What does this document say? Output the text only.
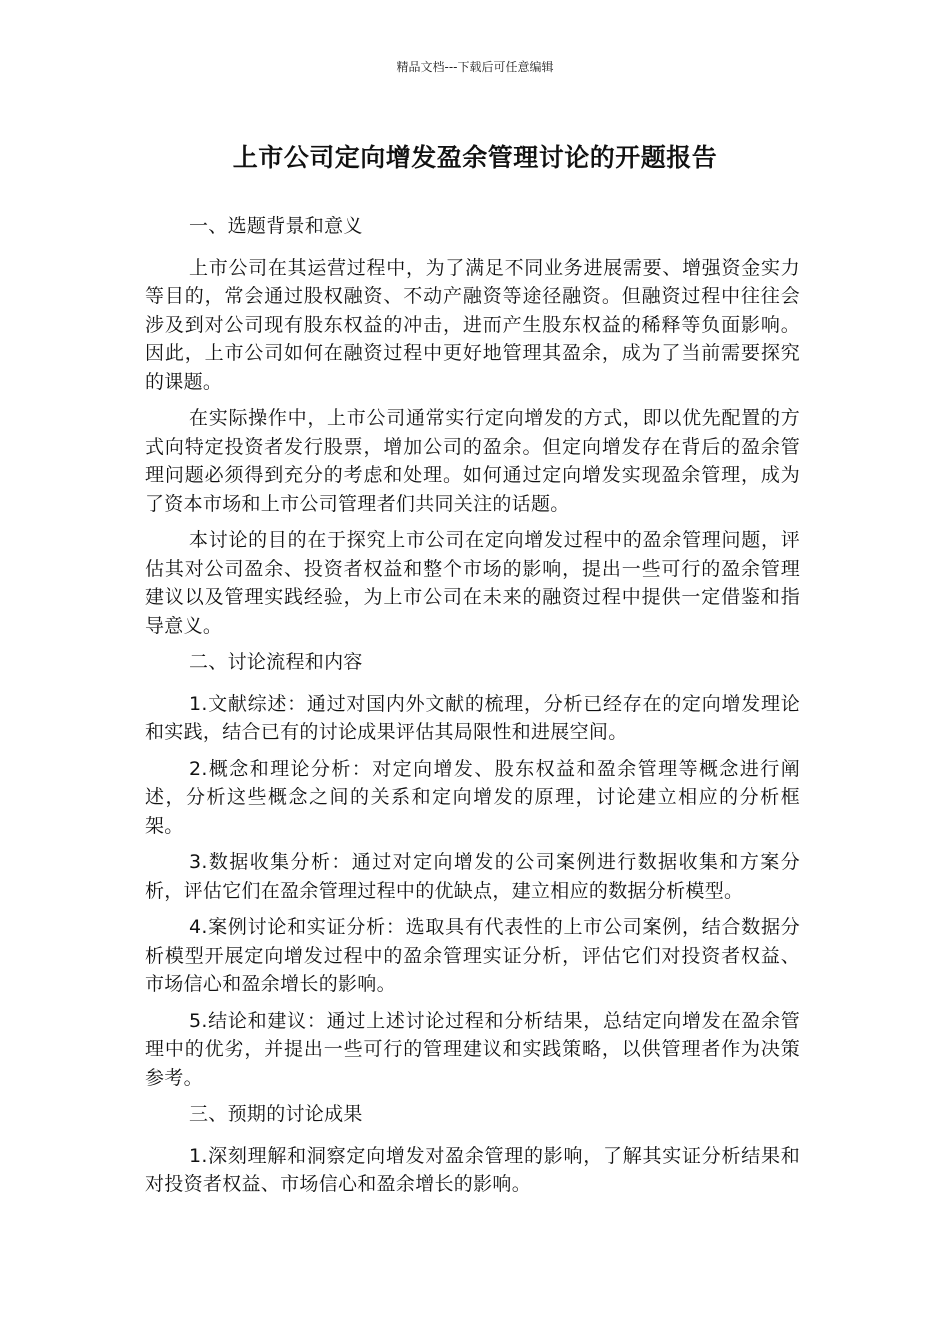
精品文档---下载后可任意编辑
上市公司定向增发盈余管理讨论的开题报告

一、选题背景和意义

上市公司在其运营过程中，为了满足不同业务进展需要、增强资金实力等目的，常会通过股权融资、不动产融资等途径融资。但融资过程中往往会涉及到对公司现有股东权益的冲击，进而产生股东权益的稀释等负面影响。因此，上市公司如何在融资过程中更好地管理其盈余，成为了当前需要探究的课题。

在实际操作中，上市公司通常实行定向增发的方式，即以优先配置的方式向特定投资者发行股票，增加公司的盈余。但定向增发存在背后的盈余管理问题必须得到充分的考虑和处理。如何通过定向增发实现盈余管理，成为了资本市场和上市公司管理者们共同关注的话题。

本讨论的目的在于探究上市公司在定向增发过程中的盈余管理问题，评估其对公司盈余、投资者权益和整个市场的影响，提出一些可行的盈余管理建议以及管理实践经验，为上市公司在未来的融资过程中提供一定借鉴和指导意义。

二、讨论流程和内容

1.文献综述：通过对国内外文献的梳理，分析已经存在的定向增发理论和实践，结合已有的讨论成果评估其局限性和进展空间。

2.概念和理论分析：对定向增发、股东权益和盈余管理等概念进行阐述，分析这些概念之间的关系和定向增发的原理，讨论建立相应的分析框架。

3.数据收集分析：通过对定向增发的公司案例进行数据收集和方案分析，评估它们在盈余管理过程中的优缺点，建立相应的数据分析模型。

4.案例讨论和实证分析：选取具有代表性的上市公司案例，结合数据分析模型开展定向增发过程中的盈余管理实证分析，评估它们对投资者权益、市场信心和盈余增长的影响。

5.结论和建议：通过上述讨论过程和分析结果，总结定向增发在盈余管理中的优劣，并提出一些可行的管理建议和实践策略，以供管理者作为决策参考。

三、预期的讨论成果

1.深刻理解和洞察定向增发对盈余管理的影响，了解其实证分析结果和对投资者权益、市场信心和盈余增长的影响。
